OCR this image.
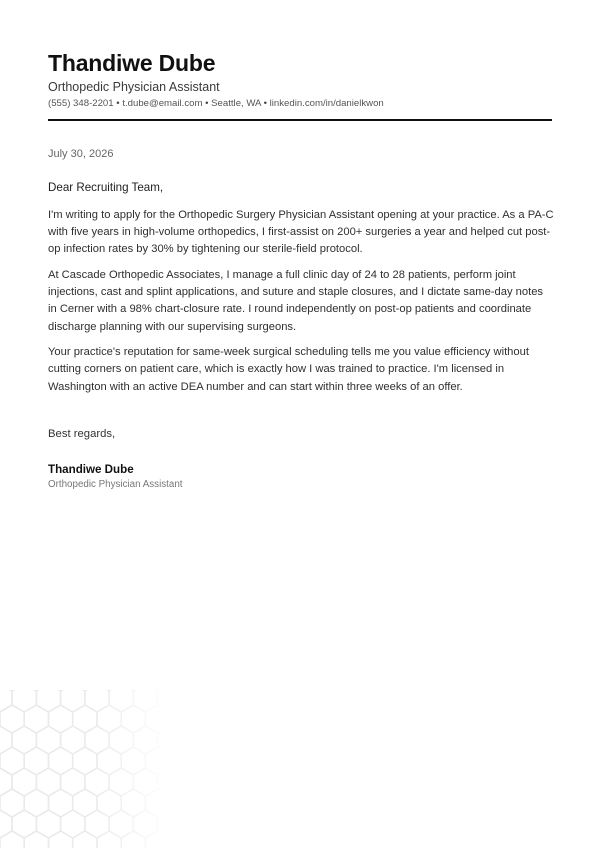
Thandiwe Dube
Orthopedic Physician Assistant
(555) 348-2201 • t.dube@email.com • Seattle, WA • linkedin.com/in/danielkwon
July 30, 2026
Dear Recruiting Team,

I'm writing to apply for the Orthopedic Surgery Physician Assistant opening at your practice. As a PA-C with five years in high-volume orthopedics, I first-assist on 200+ surgeries a year and helped cut post-op infection rates by 30% by tightening our sterile-field protocol.

At Cascade Orthopedic Associates, I manage a full clinic day of 24 to 28 patients, perform joint injections, cast and splint applications, and suture and staple closures, and I dictate same-day notes in Cerner with a 98% chart-closure rate. I round independently on post-op patients and coordinate discharge planning with our supervising surgeons.

Your practice's reputation for same-week surgical scheduling tells me you value efficiency without cutting corners on patient care, which is exactly how I was trained to practice. I'm licensed in Washington with an active DEA number and can start within three weeks of an offer.

Best regards,
Thandiwe Dube
Orthopedic Physician Assistant
